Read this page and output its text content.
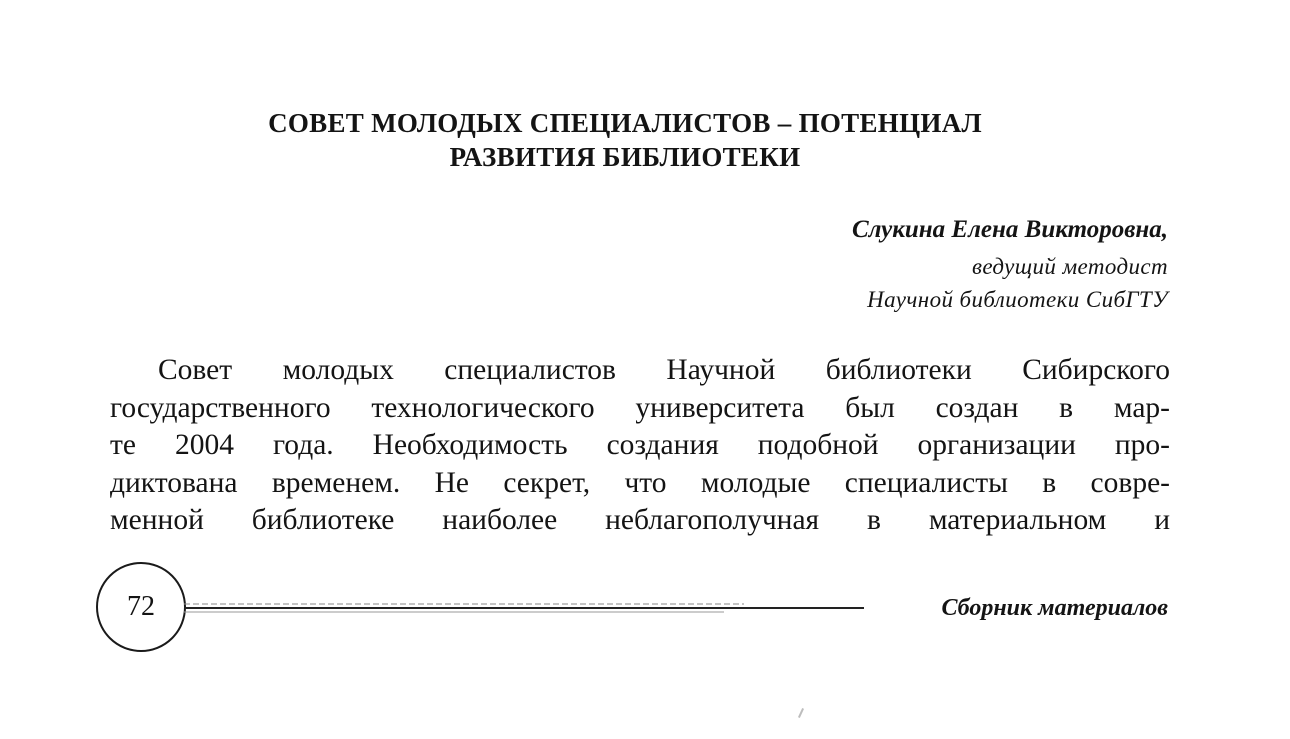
СОВЕТ МОЛОДЫХ СПЕЦИАЛИСТОВ – ПОТЕНЦИАЛ
РАЗВИТИЯ БИБЛИОТЕКИ

Слукина Елена Викторовна,

ведущий методист

Научной библиотеки СибГТУ

Совет молодых специалистов Научной библиотеки Сибирского
государственного технологического университета был создан в мар-
те 2004 года. Необходимость создания подобной организации про-
диктована временем. Не секрет, что молодые специалисты в совре-
менной библиотеке наиболее неблагополучная в материальном и
72	Сборник материалов
